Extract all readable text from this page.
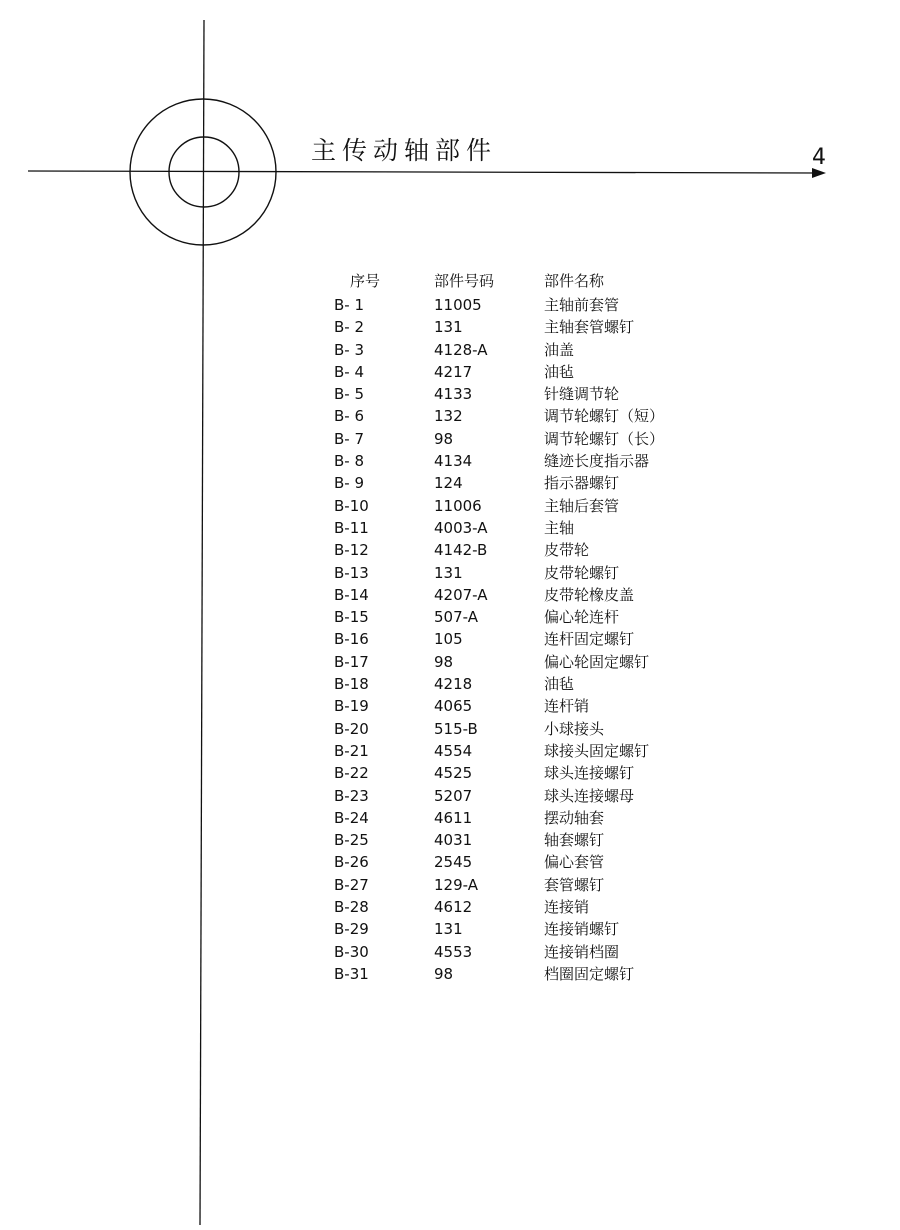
主传动轴部件	4
序号	部件号码	部件名称
B- 1	11005	主轴前套管
B- 2	131	主轴套管螺钉
B- 3	4128-A	油盖
B- 4	4217	油毡
B- 5	4133	针缝调节轮
B- 6	132	调节轮螺钉（短）
B- 7	98	调节轮螺钉（长）
B- 8	4134	缝迹长度指示器
B- 9	124	指示器螺钉
B-10	11006	主轴后套管
B-11	4003-A	主轴
B-12	4142-B	皮带轮
B-13	131	皮带轮螺钉
B-14	4207-A	皮带轮橡皮盖
B-15	507-A	偏心轮连杆
B-16	105	连杆固定螺钉
B-17	98	偏心轮固定螺钉
B-18	4218	油毡
B-19	4065	连杆销
B-20	515-B	小球接头
B-21	4554	球接头固定螺钉
B-22	4525	球头连接螺钉
B-23	5207	球头连接螺母
B-24	4611	摆动轴套
B-25	4031	轴套螺钉
B-26	2545	偏心套管
B-27	129-A	套管螺钉
B-28	4612	连接销
B-29	131	连接销螺钉
B-30	4553	连接销档圈
B-31	98	档圈固定螺钉
